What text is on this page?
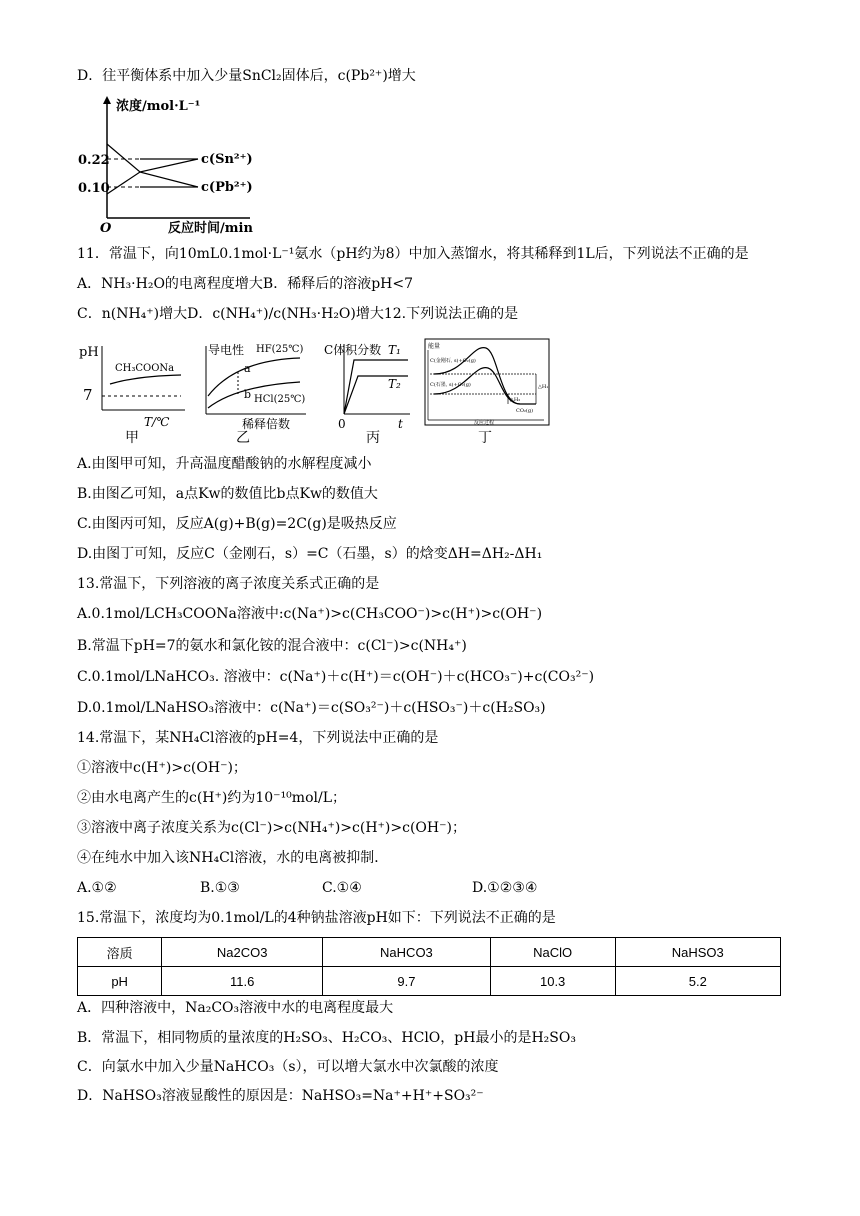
D．往平衡体系中加入少量SnCl₂固体后，c(Pb²⁺)增大
浓度/mol·L⁻¹
0.22
0.10
c(Sn²⁺)
c(Pb²⁺)
O	反应时间/min
11．常温下，向10mL0.1mol·L⁻¹氨水（pH约为8）中加入蒸馏水，将其稀释到1L后，下列说法不正确的是
A．NH₃·H₂O的电离程度增大B．稀释后的溶液pH<7
C．n(NH₄⁺)增大D．c(NH₄⁺)/c(NH₃·H₂O)增大12.下列说法正确的是
pH
7
CH₃COONa
T/℃
甲
导电性 HF(25℃)
a
b HCl(25℃)
稀释倍数
乙
C体积分数 T₁
T₂
0	t
丙
能量
C(金刚石, s)+O₂(g)
C(石墨, s)+O₂(g)	△H₁
△H₂
CO₂(g)
反应过程
丁
A.由图甲可知，升高温度醋酸钠的水解程度减小
B.由图乙可知，a点Kw的数值比b点Kw的数值大
C.由图丙可知，反应A(g)+B(g)=2C(g)是吸热反应
D.由图丁可知，反应C（金刚石，s）=C（石墨，s）的焓变ΔH=ΔH₂-ΔH₁
13.常温下，下列溶液的离子浓度关系式正确的是
A.0.1mol/LCH₃COONa溶液中:c(Na⁺)>c(CH₃COO⁻)>c(H⁺)>c(OH⁻)
B.常温下pH=7的氨水和氯化铵的混合液中：c(Cl⁻)>c(NH₄⁺)
C.0.1mol/LNaHCO₃. 溶液中：c(Na⁺)＋c(H⁺)＝c(OH⁻)＋c(HCO₃⁻)+c(CO₃²⁻)
D.0.1mol/LNaHSO₃溶液中：c(Na⁺)＝c(SO₃²⁻)＋c(HSO₃⁻)＋c(H₂SO₃)
14.常温下，某NH₄Cl溶液的pH=4，下列说法中正确的是
①溶液中c(H⁺)>c(OH⁻)；
②由水电离产生的c(H⁺)约为10⁻¹⁰mol/L；
③溶液中离子浓度关系为c(Cl⁻)>c(NH₄⁺)>c(H⁺)>c(OH⁻)；
④在纯水中加入该NH₄Cl溶液，水的电离被抑制．
A.①②	B.①③	C.①④	D.①②③④
15.常温下，浓度均为0.1mol/L的4种钠盐溶液pH如下：下列说法不正确的是
溶质	Na2CO3	NaHCO3	NaClO	NaHSO3
pH	11.6	9.7	10.3	5.2
A．四种溶液中，Na₂CO₃溶液中水的电离程度最大
B．常温下，相同物质的量浓度的H₂SO₃、H₂CO₃、HClO，pH最小的是H₂SO₃
C．向氯水中加入少量NaHCO₃（s），可以增大氯水中次氯酸的浓度
D．NaHSO₃溶液显酸性的原因是：NaHSO₃=Na⁺+H⁺+SO₃²⁻
